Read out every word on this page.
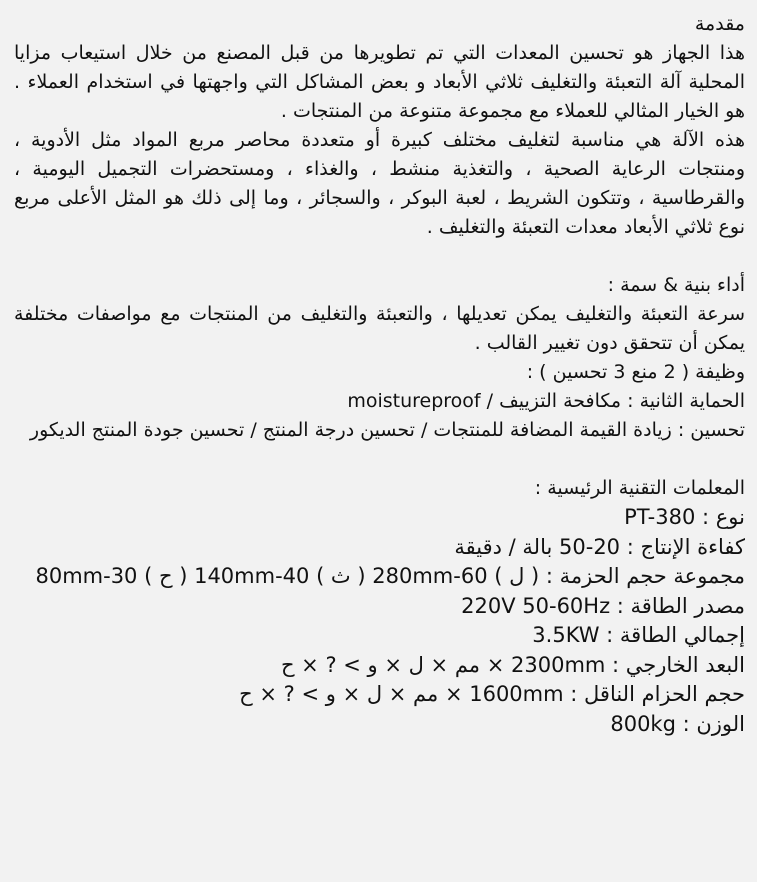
مقدمة
هذا الجهاز هو تحسين المعدات التي تم تطويرها من قبل المصنع من خلال استيعاب مزايا المحلية آلة التعبئة والتغليف ثلاثي الأبعاد و بعض المشاكل التي واجهتها في استخدام العملاء . هو الخيار المثالي للعملاء مع مجموعة متنوعة من المنتجات .
هذه الآلة هي مناسبة لتغليف مختلف كبيرة أو متعددة محاصر مربع المواد مثل الأدوية ، ومنتجات الرعاية الصحية ، والتغذية منشط ، والغذاء ، ومستحضرات التجميل اليومية ، والقرطاسية ، وتتكون الشريط ، لعبة البوكر ، والسجائر ، وما إلى ذلك هو المثل الأعلى مربع نوع ثلاثي الأبعاد معدات التعبئة والتغليف .
أداء بنية & سمة :
سرعة التعبئة والتغليف يمكن تعديلها ، والتعبئة والتغليف من المنتجات مع مواصفات مختلفة يمكن أن تتحقق دون تغيير القالب .
وظيفة ( 2 منع 3 تحسين ) :
الحماية الثانية : مكافحة التزييف / moistureproof
تحسين : زيادة القيمة المضافة للمنتجات / تحسين درجة المنتج / تحسين جودة المنتج الديكور
المعلمات التقنية الرئيسية :
نوع : PT-380
كفاءة الإنتاج : 20-50 بالة / دقيقة
مجموعة حجم الحزمة : ( ل ) 60-280mm ( ث ) 40-140mm ( ح ) 30-80mm
مصدر الطاقة : 220V 50-60Hz
إجمالي الطاقة : 3.5KW
البعد الخارجي : 2300mm × مم × ل × و > ? × ح
حجم الحزام الناقل : 1600mm × مم × ل × و > ? × ح
الوزن : 800kg
